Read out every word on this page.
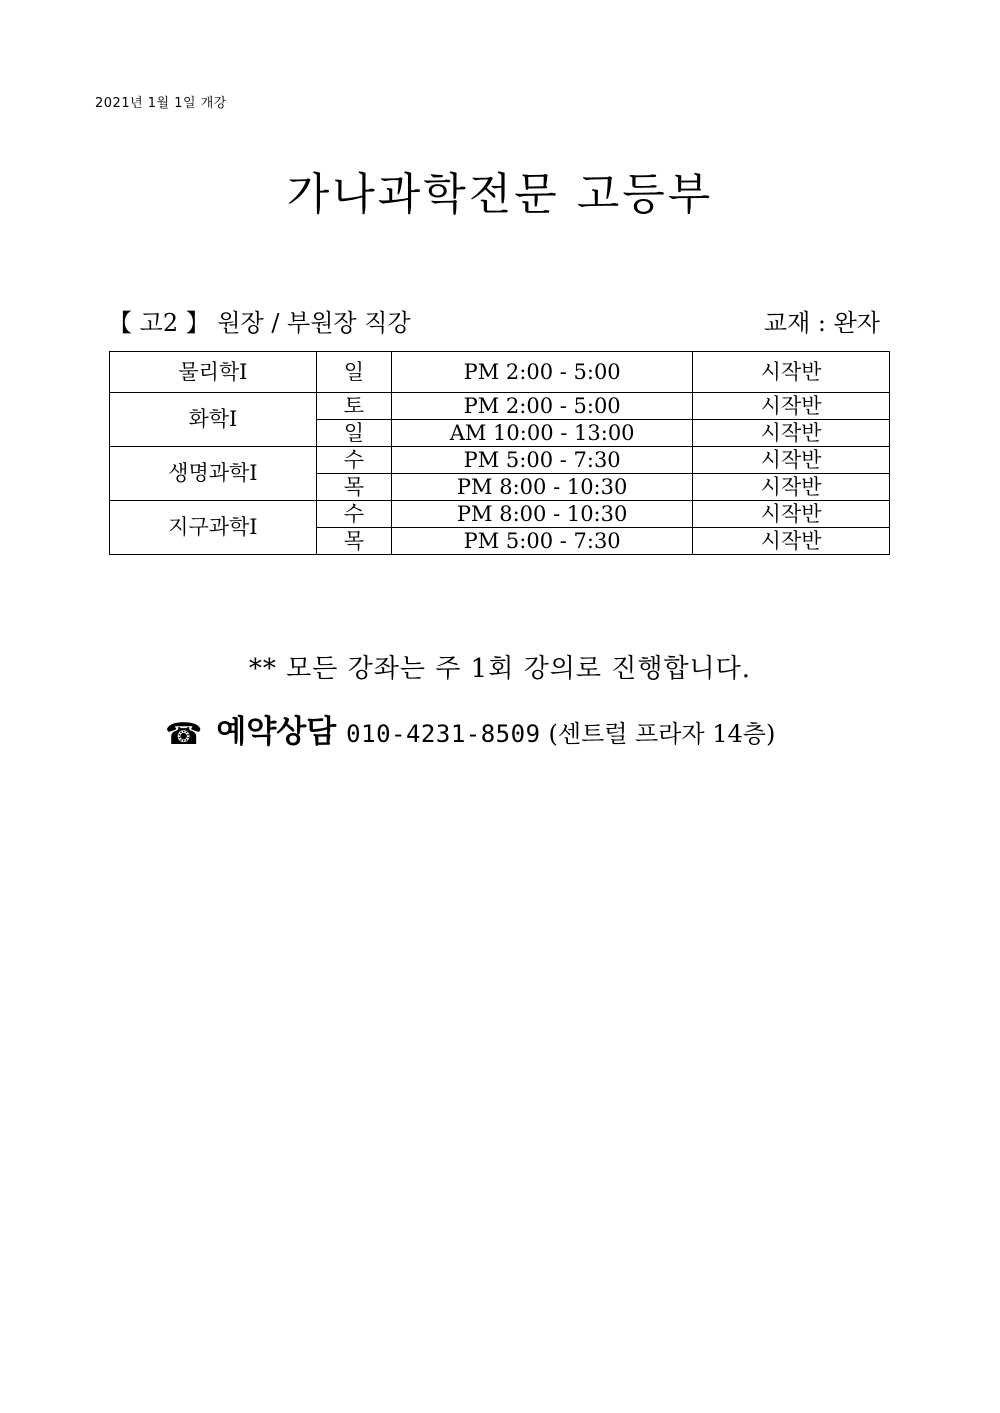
2021년 1월 1일 개강
가나과학전문 고등부
【 고2 】 원장 / 부원장 직강	교재 : 완자
물리학Ⅰ	일	PM 2:00 - 5:00	시작반
화학Ⅰ	토	PM 2:00 - 5:00	시작반
	일	AM 10:00 - 13:00	시작반
생명과학Ⅰ	수	PM 5:00 - 7:30	시작반
	목	PM 8:00 - 10:30	시작반
지구과학Ⅰ	수	PM 8:00 - 10:30	시작반
	목	PM 5:00 - 7:30	시작반
** 모든 강좌는 주 1회 강의로 진행합니다.
☎ 예약상담 010-4231-8509 (센트럴 프라자 14층)
